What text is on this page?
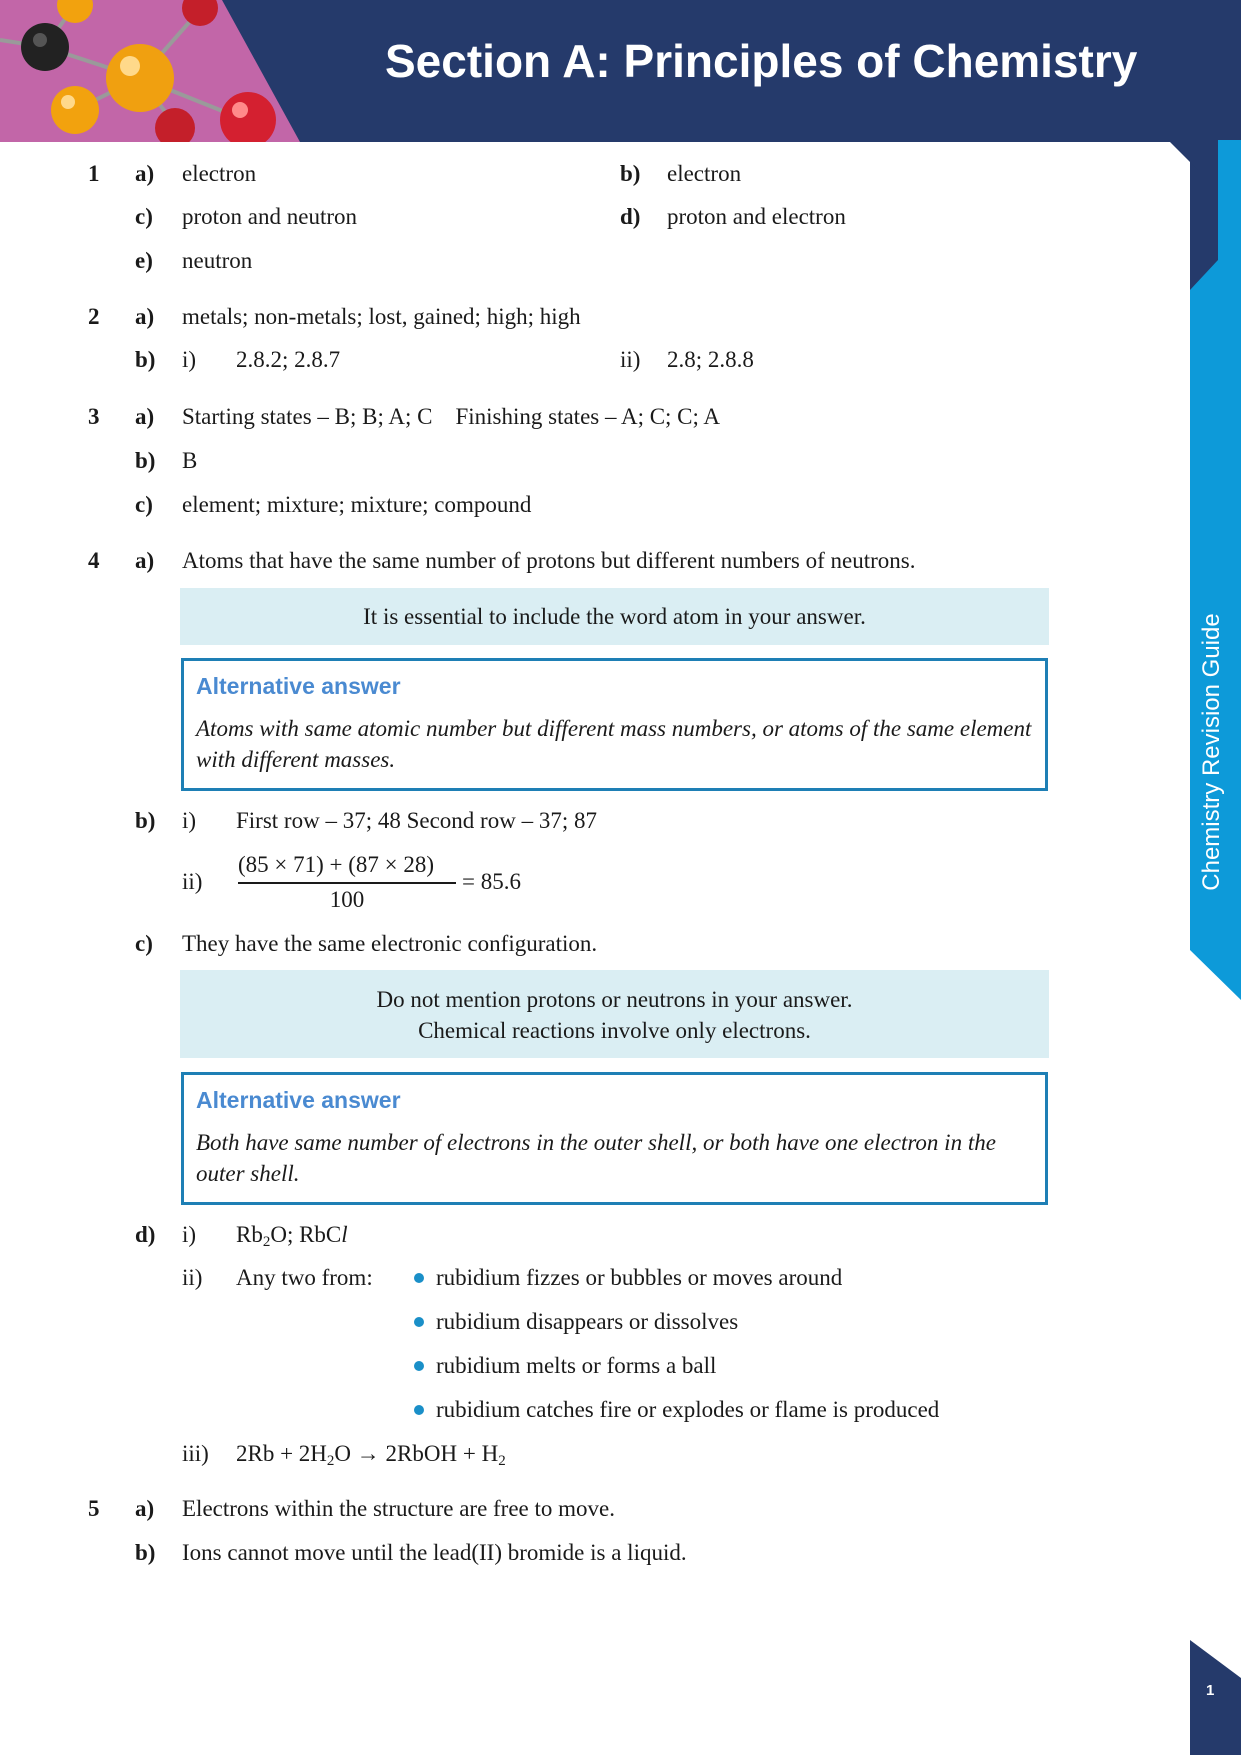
Section A: Principles of Chemistry
Chemistry Revision Guide
1 a) electron	b) electron
c) proton and neutron	d) proton and electron
e) neutron
2 a) metals; non-metals; lost, gained; high; high
b) i) 2.8.2; 2.8.7	ii) 2.8; 2.8.8
3 a) Starting states – B; B; A; C    Finishing states – A; C; C; A
b) B
c) element; mixture; mixture; compound
4 a) Atoms that have the same number of protons but different numbers of neutrons.
It is essential to include the word atom in your answer.
Alternative answer
Atoms with same atomic number but different mass numbers, or atoms of the same element with different masses.
b) i) First row – 37; 48 Second row – 37; 87
ii)
(85 × 71) + (87 × 28)
100
= 85.6
c) They have the same electronic configuration.
Do not mention protons or neutrons in your answer.
Chemical reactions involve only electrons.
Alternative answer
Both have same number of electrons in the outer shell, or both have one electron in the outer shell.
d) i) $Rb_2O$; RbCl
ii) Any two from:	rubidium fizzes or bubbles or moves around
rubidium disappears or dissolves
rubidium melts or forms a ball
rubidium catches fire or explodes or flame is produced
iii) $2Rb + 2H_2O$ → 2RbOH + $H_2$
5 a) Electrons within the structure are free to move.
b) Ions cannot move until the lead(II) bromide is a liquid.
1
